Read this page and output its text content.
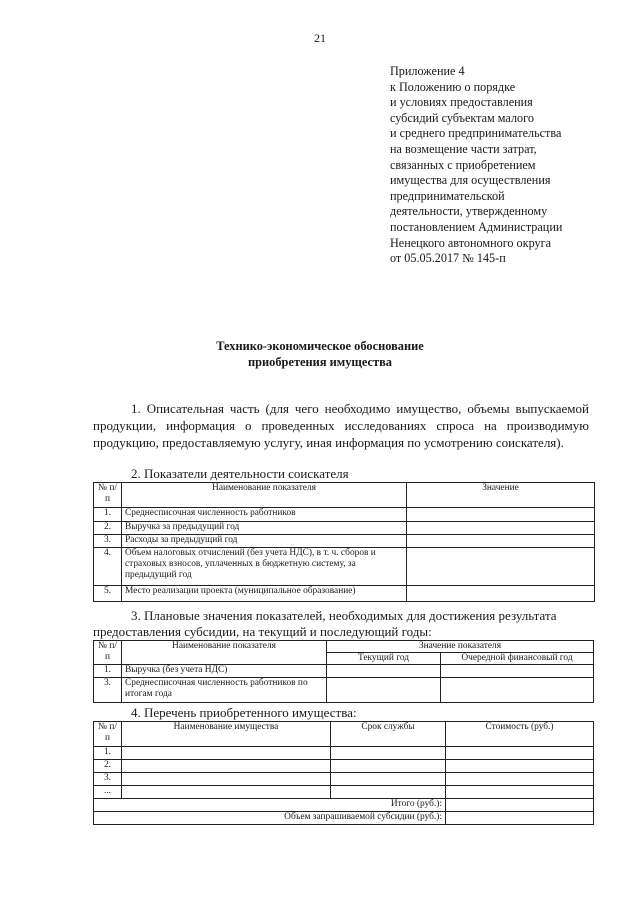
21
Приложение 4
к Положению о порядке
и условиях предоставления
субсидий субъектам малого
и среднего предпринимательства
на возмещение части затрат,
связанных с приобретением
имущества для осуществления
предпринимательской
деятельности, утвержденному
постановлением Администрации
Ненецкого автономного округа
от 05.05.2017 № 145-п
Технико-экономическое обоснование
приобретения имущества
1. Описательная часть (для чего необходимо имущество, объемы выпускаемой продукции, информация о проведенных исследованиях спроса на производимую продукцию, предоставляемую услугу, иная информация по усмотрению соискателя).
2. Показатели деятельности соискателя
№ п/п	Наименование показателя	Значение
1.	Среднесписочная численность работников	
2.	Выручка за предыдущий год	
3.	Расходы за предыдущий год	
4.	Объем налоговых отчислений (без учета НДС), в т. ч. сборов и страховых взносов, уплаченных в бюджетную систему, за предыдущий год	
5.	Место реализации проекта (муниципальное образование)	
3. Плановые значения показателей, необходимых для достижения результата
предоставления субсидии, на текущий и последующий годы:
№ п/п	Наименование показателя	Значение показателя	
		Текущий год	Очередной финансовый год
1.	Выручка (без учета НДС)		
3.	Среднесписочная численность работников по итогам года		
4. Перечень приобретенного имущества:
№ п/п	Наименование имущества	Срок службы	Стоимость (руб.)
1.			
2.			
3.			
...			
Итого (руб.):			
Объем запрашиваемой субсидии (руб.):			
